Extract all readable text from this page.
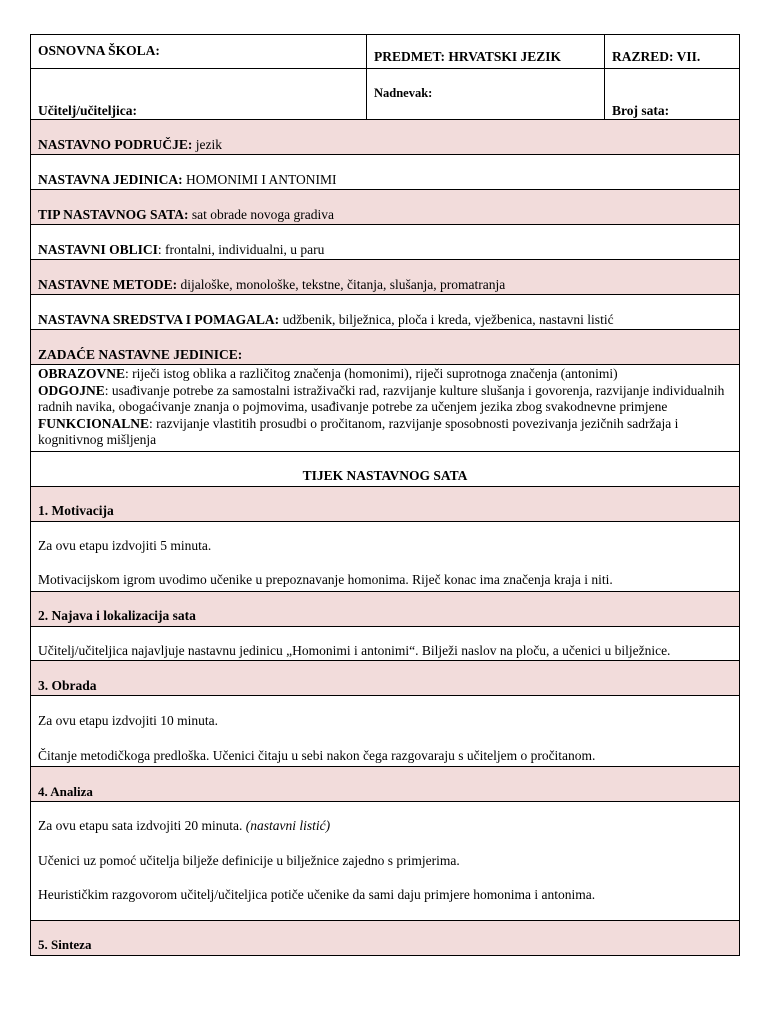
OSNOVNA ŠKOLA:	PREDMET: HRVATSKI JEZIK	RAZRED: VII.
Učitelj/učiteljica:	Nadnevak:	Broj sata:

NASTAVNO PODRUČJE: jezik		

NASTAVNA JEDINICA: HOMONIMI I ANTONIMI		

TIP NASTAVNOG SATA: sat obrade novoga gradiva		

NASTAVNI OBLICI: frontalni, individualni, u paru		

NASTAVNE METODE: dijaloške, monološke, tekstne, čitanja, slušanja, promatranja		

NASTAVNA SREDSTVA I POMAGALA: udžbenik, bilježnica, ploča i kreda, vježbenica, nastavni listić		

ZADAĆE NASTAVNE JEDINICE:		

OBRAZOVNE: riječi istog oblika a različitog značenja (homonimi), riječi suprotnoga značenja (antonimi)
ODGOJNE: usađivanje potrebe za samostalni istraživački rad, razvijanje kulture slušanja i govorenja, razvijanje individualnih radnih navika, obogaćivanje znanja o pojmovima, usađivanje potrebe za učenjem jezika zbog svakodnevne primjene
FUNKCIONALNE: razvijanje vlastitih prosudbi o pročitanom, razvijanje sposobnosti povezivanja jezičnih sadržaja i kognitivnog mišljenja		

TIJEK NASTAVNOG SATA		

1. Motivacija		

Za ovu etapu izdvojiti 5 minuta.

Motivacijskom igrom uvodimo učenike u prepoznavanje homonima. Riječ konac ima značenja kraja i niti.		

2. Najava i lokalizacija sata		

Učitelj/učiteljica najavljuje nastavnu jedinicu „Homonimi i antonimi“. Bilježi naslov na ploču, a učenici u bilježnice.		

3. Obrada		

Za ovu etapu izdvojiti 10 minuta.

Čitanje metodičkoga predloška. Učenici čitaju u sebi nakon čega razgovaraju s učiteljem o pročitanom.		

4. Analiza		

Za ovu etapu sata izdvojiti 20 minuta. (nastavni listić)

Učenici uz pomoć učitelja bilježe definicije u bilježnice zajedno s primjerima.

Heurističkim razgovorom učitelj/učiteljica potiče učenike da sami daju primjere homonima i antonima.		

5. Sinteza		
